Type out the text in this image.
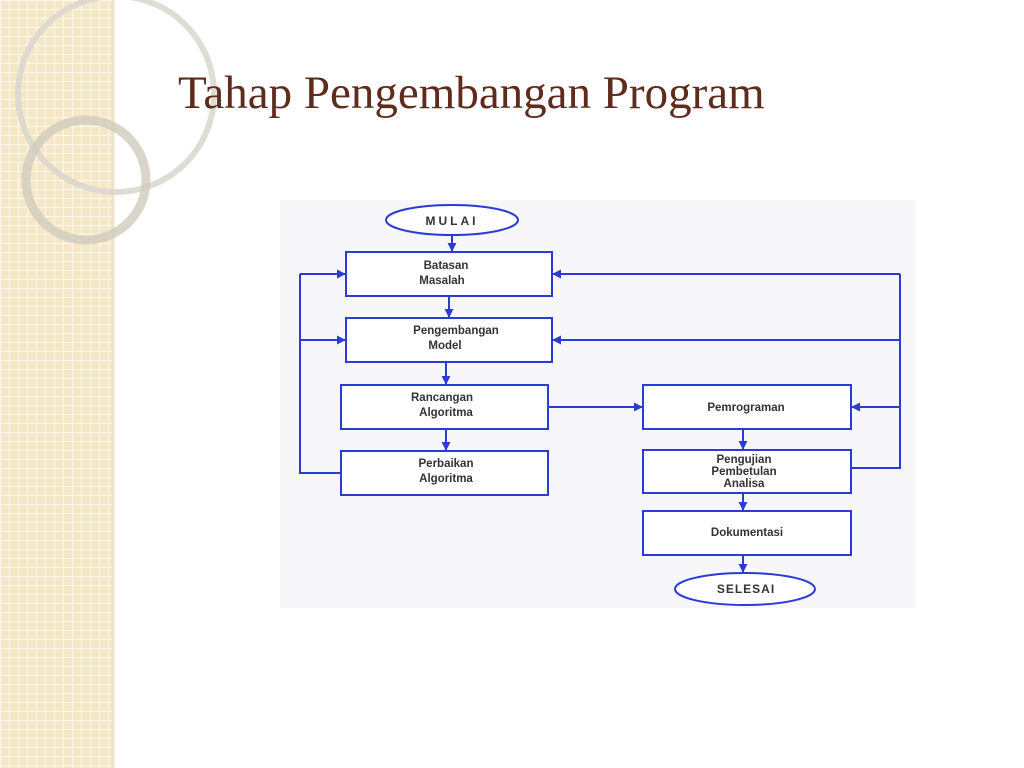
Tahap Pengembangan Program
MULAI
Batasan
Masalah
Pengembangan
Model
Rancangan
Algoritma
Perbaikan
Algoritma
Pemrograman
Pengujian
Pembetulan
Analisa
Dokumentasi
SELESAI
